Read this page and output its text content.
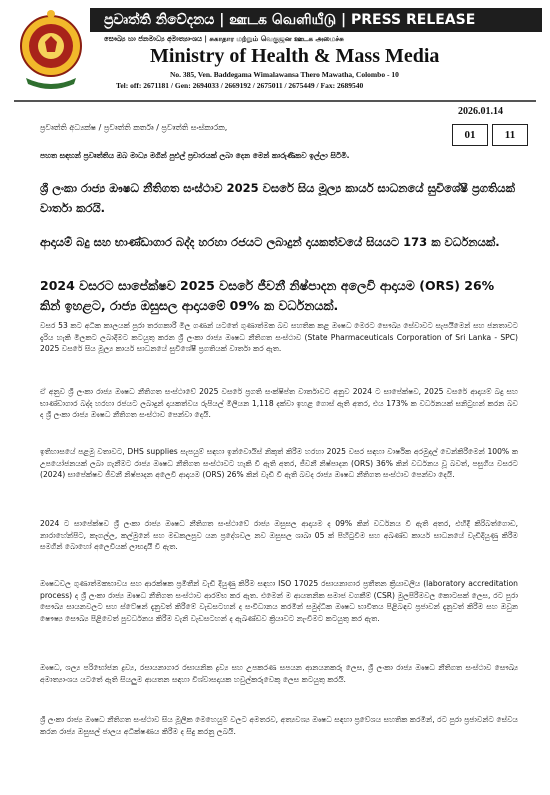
ප්‍රවෘත්ති නිවේදනය | ஊடக வெளியீடு | PRESS RELEASE
සෞඛ්‍ය හා ජනමාධ්‍ය අමාත්‍යාංශය | சுகாதார மற்றும் வெகுஜன ஊடக அமைச்சு
Ministry of Health & Mass Media
No. 385, Ven. Baddegama Wimalawansa Thero Mawatha, Colombo - 10
Tel: off: 2671181 / Gen: 2694033 / 2669192 / 2675011 / 2675449 / Fax: 2689540
2026.01.14
01	11
ප්‍රවෘත්ති අධ්‍යක්ෂ / ප්‍රවෘත්ති කර්තෘ / ප්‍රවෘත්ති සංස්කාරක,
පහත සඳහන් ප්‍රවෘත්තිය ඔබ මාධ්‍ය මගින් පුළුල් ප්‍රචාරයක් ලබා දෙන මෙන් කාරුණිකව ඉල්ලා සිටිමි.
ශ්‍රී ලංකා රාජ්‍ය ඖෂධ නීතිගත සංස්ථාව 2025 වසරේ සිය මූල්‍ය කාර්ය සාධනයේ සුවිශේෂී ප්‍රගතියක් වාර්තා කරයි.
ආදායම් බදු සහ භාණ්ඩාගාර බද්ද හරහා රජයට ලබාදුන් දායකත්වයේ සියයට 173 ක වර්ධනයක්.
2024 වසරට සාපේක්ෂව 2025 වසරේ ජීවනී නිෂ්පාදන අලෙවි ආදායම (ORS) 26% කින් ඉහළට, රාජ්‍ය ඔසුසල ආදායමේ 09% ක වර්ධනයක්.
වසර 53 කට අධික කාලයක් පුරා තරගකාරී මිල ගණන් යටතේ ගුණාත්මක බව සහතික කළ ඖෂධ මෙරට සෞඛ්‍ය සේවාවට සැපයීමෙන් සහ ජනතාවට දැරිය හැකි මිලකට ලබාදීමට කටයුතු කරන ශ්‍රී ලංකා රාජ්‍ය ඖෂධ නීතිගත සංස්ථාව (State Pharmaceuticals Corporation of Sri Lanka - SPC) 2025 වසරේ සිය මූල්‍ය කාර්ය සාධනයේ සුවිශේෂී ප්‍රගතියක් වාර්තා කර ඇත.
ඒ අනුව ශ්‍රී ලංකා රාජ්‍ය ඖෂධ නීතිගත සංස්ථාවේ 2025 වසරේ ප්‍රගති සංක්ෂිප්ත වාර්තාවට අනුව 2024 ට සාපේක්ෂව, 2025 වසරේ ආදායම් බදු සහ භාණ්ඩාගාර බද්ද හරහා රජයට ලබාදුන් දායකත්වය රුපියල් මිලියන 1,118 දක්වා ඉහළ ගොස් ඇති අතර, එය 173% ක වර්ධනයක් සනිටුහන් කරන බව ද ශ්‍රී ලංකා රාජ්‍ය ඖෂධ නීතිගත සංස්ථාව පෙන්වා දෙයි.
ඉතිහාසයේ පළමු වතාවට, DHS supplies සැපයුම් සඳහා ඉන්වොයිස් නිකුත් කිරීම හරහා 2025 වසර සඳහා වාර්ෂික අරමුදල් වෙන්කිරීමෙන් 100% ක උපයෝජනයක් ලබා ගැනීමට රාජ්‍ය ඖෂධ නීතිගත සංස්ථාවට හැකි වී ඇති අතර, ජීවනී නිෂ්පාදන (ORS) 36% කින් වර්ධනය වූ බවත්, පසුගිය වසරට (2024) සාපේක්ෂව ජීවනී නිෂ්පාදන අලෙවි ආදායම (ORS) 26% කින් වැඩි වී ඇති බවද රාජ්‍ය ඖෂධ නීතිගත සංස්ථාව පෙන්වා දෙයි.
2024 ට සාපේක්ෂව ශ්‍රී ලංකා රාජ්‍ය ඖෂධ නීතිගත සංස්ථාවේ රාජ්‍ය ඔසුසල ආදායම ද 09% කින් වර්ධනය වී ඇති අතර, එහිදී කිරිබත්ගොඩ, නාරාහේන්පිට, කෑගල්ල, කල්මුනේ සහ මඩකලපුව යන ප්‍රදේශවල නව ඔසුසල ශාඛා 05 ක් පිහිටුවීම සහ අඛණ්ඩ කාර්ය සාධනයේ වැඩිදියුණු කිරීම සමගින් බොහෝ අලෙවියක් ලාභදායී වී ඇත.
ඖෂධවල ගුණාත්මකභාවය සහ ආරක්ෂක ප්‍රමිතීන් වැඩි දියුණු කිරීම සඳහා ISO 17025 රසායනාගාර ප්‍රතීතන ක්‍රියාවලිය (laboratory accreditation process) ද ශ්‍රී ලංකා රාජ්‍ය ඖෂධ නීතිගත සංස්ථාව ආරම්භ කර ඇත. එමෙන් ම ආයතනික සමාජ වගකීම් (CSR) මුලපිරීමවල කොටසක් ලෙස, රට පුරා සෞඛ්‍ය සායනවලට සහ ස්ටේෂන් දැනුවත් කිරීමේ වැඩසටහන් ද සංවිධානය කරමින් සමුද්ධීක ඖෂධ භාවිතය පිළිබඳව ප්‍රජාවන් දැනුවත් කිරීම සහ ඔවුන ෂෞෂ්‍ය සෞඛ්‍ය පිළිවෙත් පුවර්ධනය කිරීම වැනි වැඩසටහන් ද ඇඛණ්ඩව ක්‍රියාවට නැංවීමට කටයුතු කර ඇත.
ඖෂධ, ශල්‍ය පරිභෝජන ද්‍රව්‍ය, රසායනාගාර රසායනික ද්‍රව්‍ය සහ උපකරණ සපයන ආනයනකරු ලෙස, ශ්‍රී ලංකා රාජ්‍ය ඖෂධ නීතිගත සංස්ථාව සෞඛ්‍ය අමාත්‍යාංශය යටතේ ඇති සියලුම ආයතන සඳහා විශ්වාසදායක හවුල්කරුවෙකු ලෙස කටයුතු කරයි.
ශ්‍රී ලංකා රාජ්‍ය ඖෂධ නීතිගත සංස්ථාව සිය මූලික මෙහෙයුම් වලට අමතරව, අත්‍යවශ්‍ය ඖෂධ සඳහා ප්‍රවේශය සහතික කරමින්, රට පුරා ප්‍රජාවන්ට සේවය කරන රාජ්‍ය ඔසුසල් ජාලය අධික්ෂණය කිරීම ද සිදු කරනු ලබයි.
